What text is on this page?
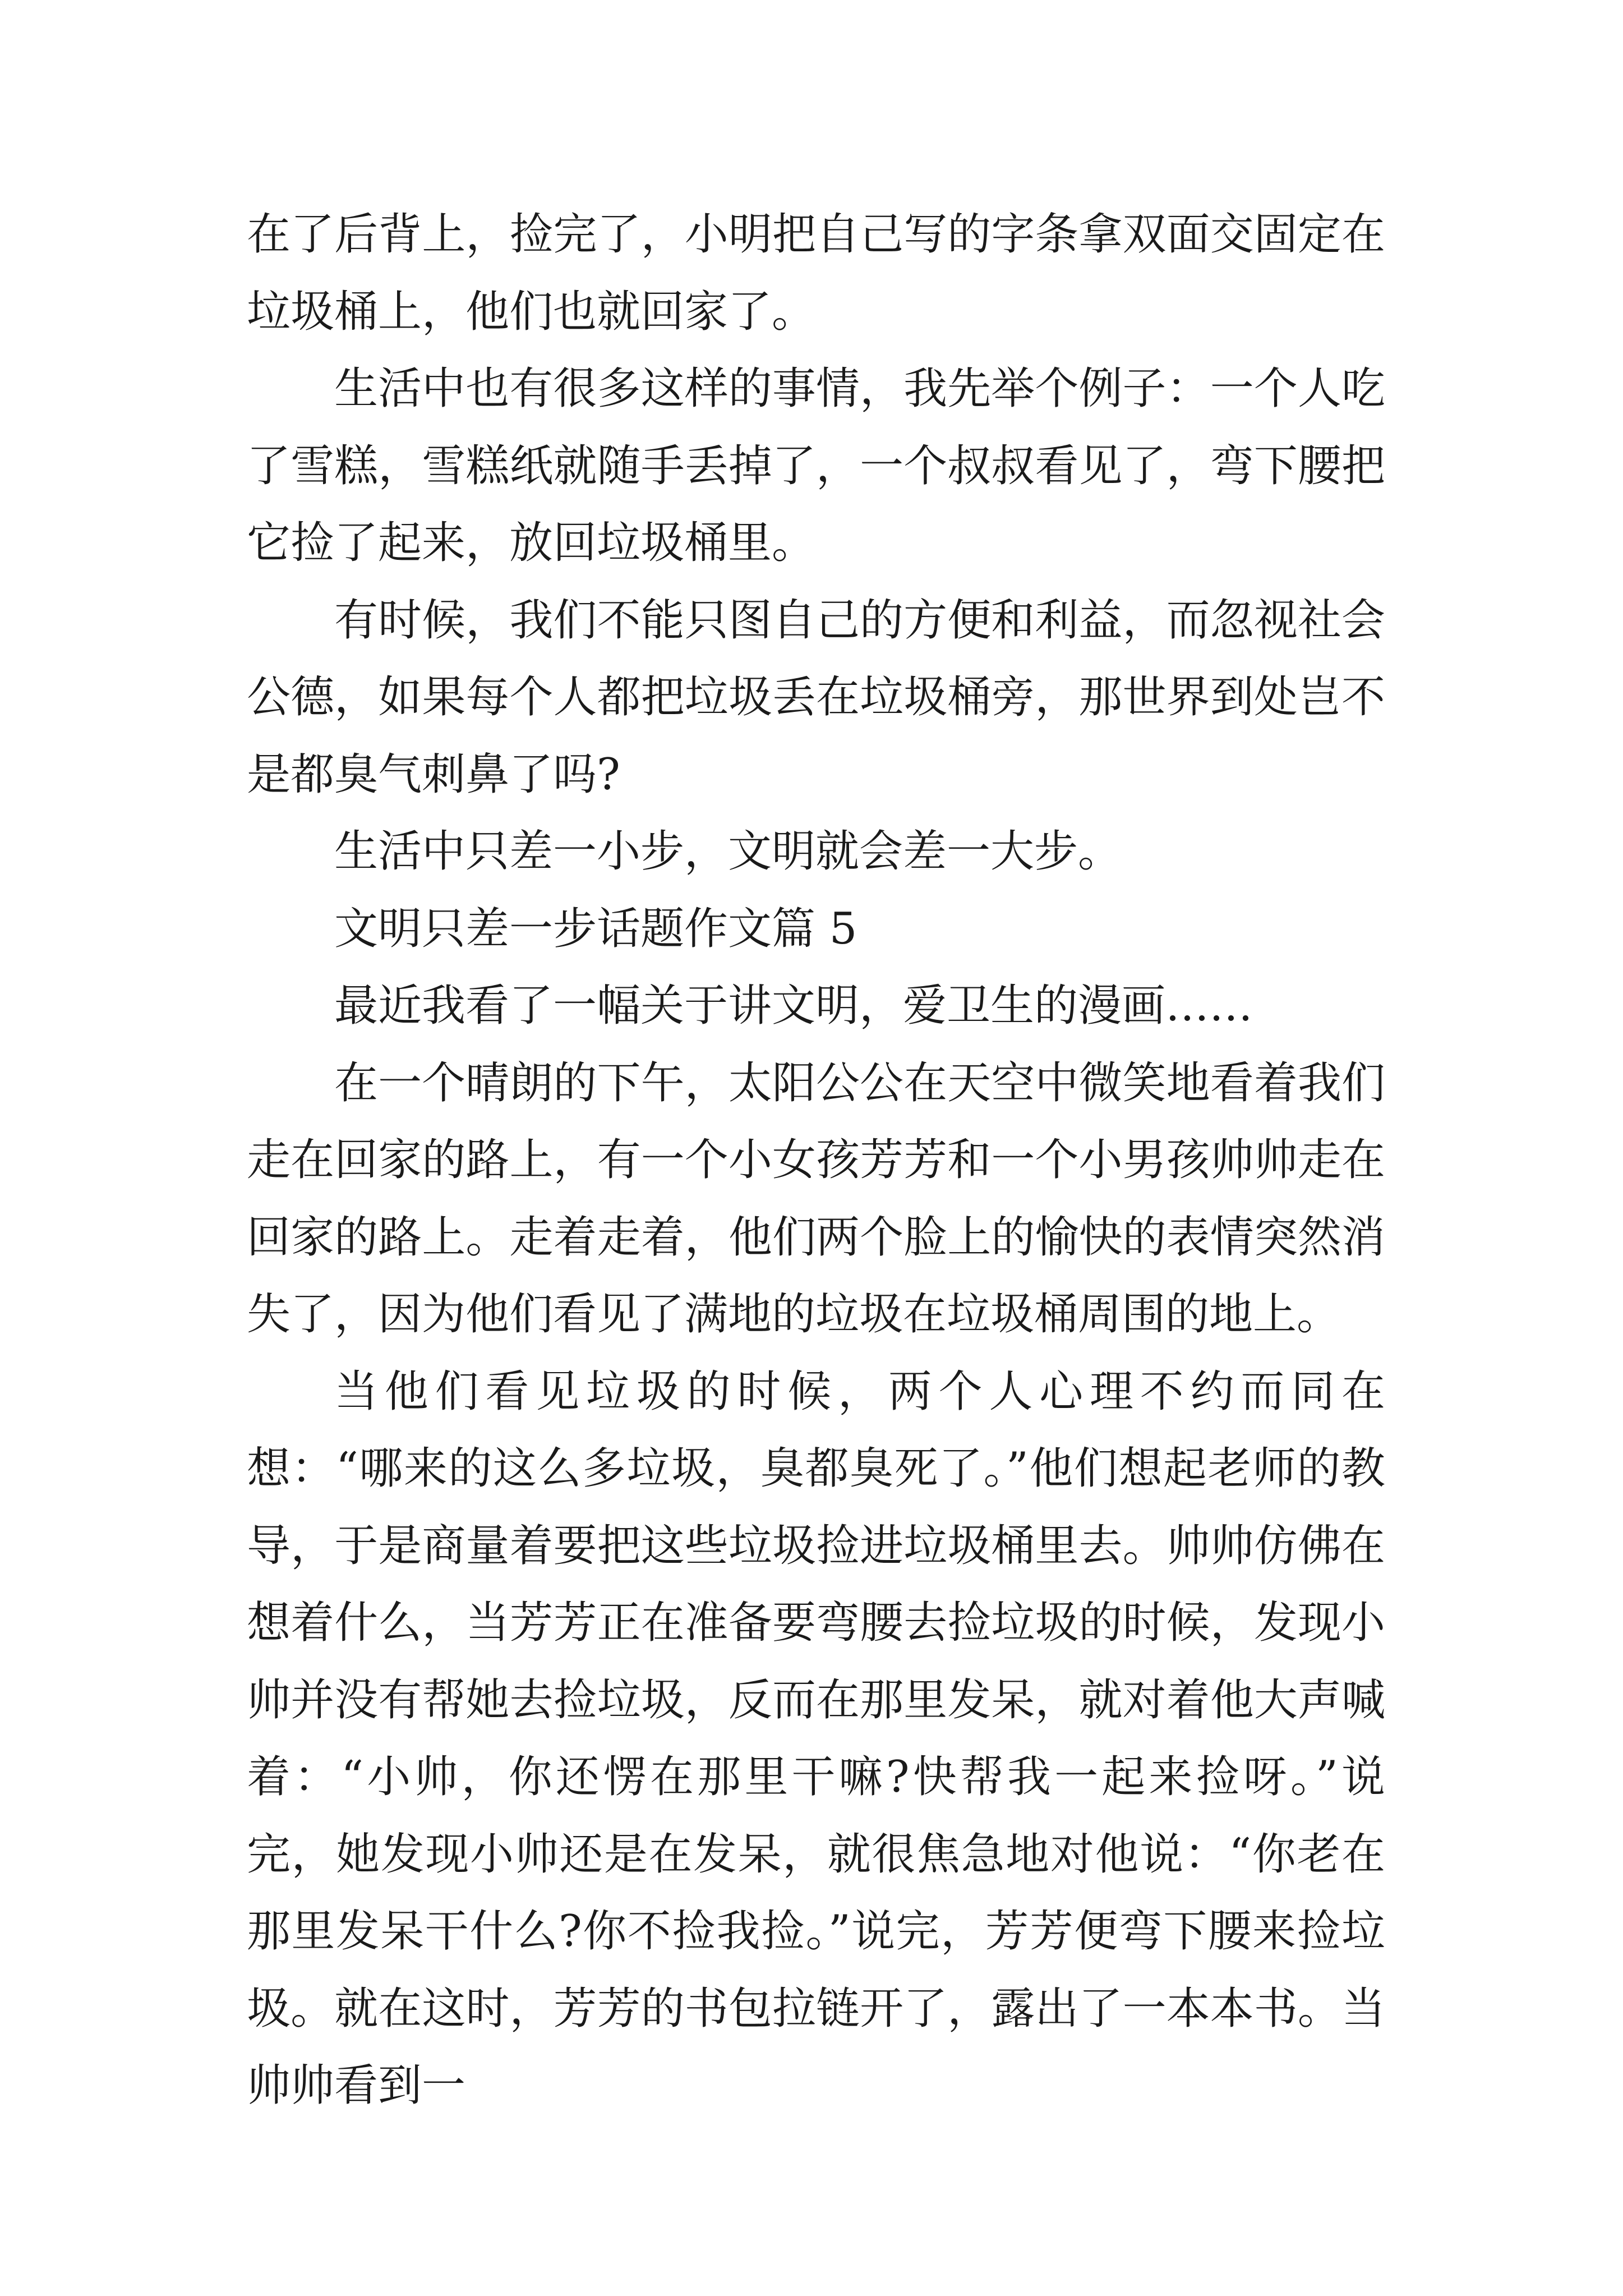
在了后背上，捡完了，小明把自己写的字条拿双面交固定在垃圾桶上，他们也就回家了。

生活中也有很多这样的事情，我先举个例子：一个人吃了雪糕，雪糕纸就随手丢掉了，一个叔叔看见了，弯下腰把它捡了起来，放回垃圾桶里。

有时候，我们不能只图自己的方便和利益，而忽视社会公德，如果每个人都把垃圾丢在垃圾桶旁，那世界到处岂不是都臭气刺鼻了吗?

生活中只差一小步，文明就会差一大步。

文明只差一步话题作文篇 5

最近我看了一幅关于讲文明，爱卫生的漫画……

在一个晴朗的下午，太阳公公在天空中微笑地看着我们走在回家的路上，有一个小女孩芳芳和一个小男孩帅帅走在回家的路上。走着走着，他们两个脸上的愉快的表情突然消失了，因为他们看见了满地的垃圾在垃圾桶周围的地上。

当他们看见垃圾的时候，两个人心理不约而同在想：“哪来的这么多垃圾，臭都臭死了。”他们想起老师的教导，于是商量着要把这些垃圾捡进垃圾桶里去。帅帅仿佛在想着什么，当芳芳正在准备要弯腰去捡垃圾的时候，发现小帅并没有帮她去捡垃圾，反而在那里发呆，就对着他大声喊着：“小帅，你还愣在那里干嘛?快帮我一起来捡呀。”说完，她发现小帅还是在发呆，就很焦急地对他说：“你老在那里发呆干什么?你不捡我捡。”说完，芳芳便弯下腰来捡垃圾。就在这时，芳芳的书包拉链开了，露出了一本本书。当帅帅看到一
